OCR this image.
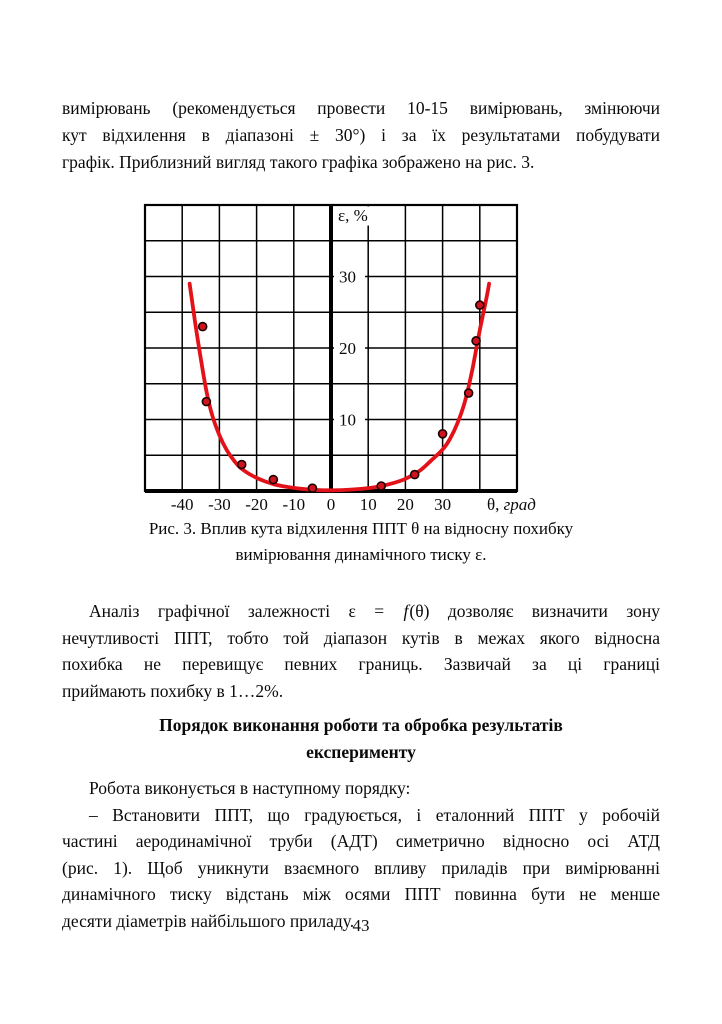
вимірювань (рекомендується провести 10-15 вимірювань, змінюючи
кут відхилення в діапазоні ± 30°) і за їх результатами побудувати
графік. Приблизний вигляд такого графіка зображено на рис. 3.
10
20
30
ε, %
-40 -30 -20 -10 0 10 20 30 θ, град
Рис. 3. Вплив кута відхилення ППТ θ на відносну похибку
вимірювання динамічного тиску ε.
Аналіз графічної залежності ε = f(θ) дозволяє визначити зону
нечутливості ППТ, тобто той діапазон кутів в межах якого відносна
похибка не перевищує певних границь. Зазвичай за ці границі
приймають похибку в 1…2%.
Порядок виконання роботи та обробка результатів
експерименту
Робота виконується в наступному порядку:
– Встановити ППТ, що градуюється, і еталонний ППТ у робочій
частині аеродинамічної труби (АДТ) симетрично відносно осі АТД
(рис. 1). Щоб уникнути взаємного впливу приладів при вимірюванні
динамічного тиску відстань між осями ППТ повинна бути не менше
десяти діаметрів найбільшого приладу.
43
